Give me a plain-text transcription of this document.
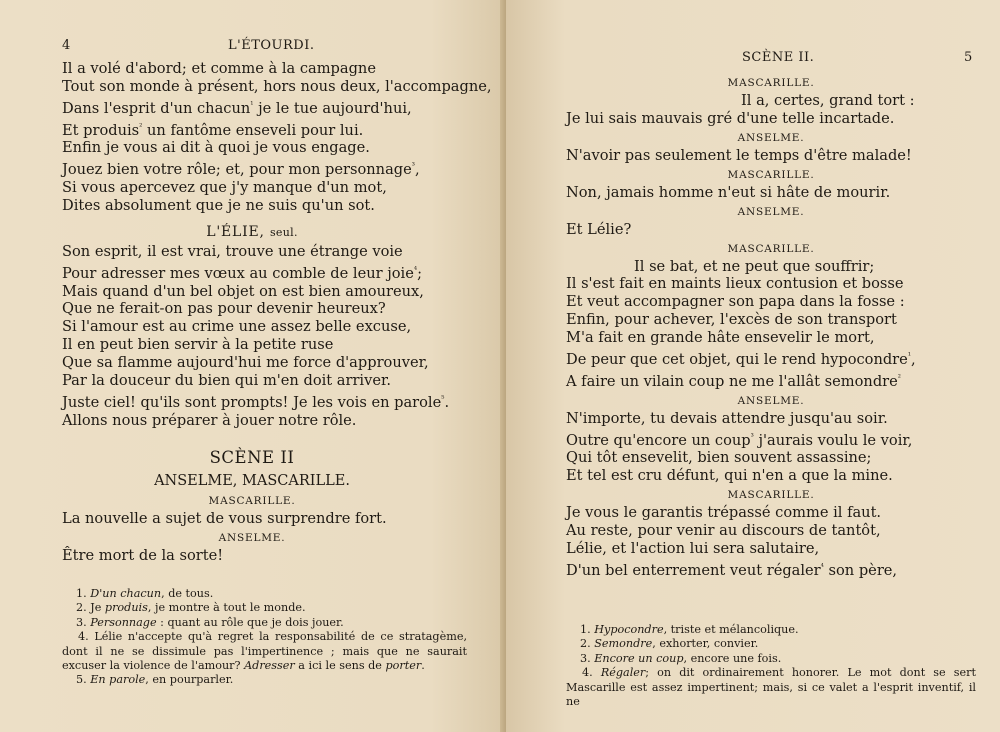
4	L'ÉTOURDI.

Il a volé d'abord; et comme à la campagne

Tout son monde à présent, hors nous deux, l'accompagne,

Dans l'esprit d'un chacun$^{^1}$ je le tue aujourd'hui,

Et produis$^{^2}$ un fantôme enseveli pour lui.

Enfin je vous ai dit à quoi je vous engage.

Jouez bien votre rôle; et, pour mon personnage$^{^3}$,

Si vous apercevez que j'y manque d'un mot,

Dites absolument que je ne suis qu'un sot.

L'ÉLIE, seul.

Son esprit, il est vrai, trouve une étrange voie

Pour adresser mes vœux au comble de leur joie$^{^4}$;

Mais quand d'un bel objet on est bien amoureux,

Que ne ferait-on pas pour devenir heureux?

Si l'amour est au crime une assez belle excuse,

Il en peut bien servir à la petite ruse

Que sa flamme aujourd'hui me force d'approuver,

Par la douceur du bien qui m'en doit arriver.

Juste ciel! qu'ils sont prompts! Je les vois en parole$^{^5}$.

Allons nous préparer à jouer notre rôle.

SCÈNE II
ANSELME, MASCARILLE.
MASCARILLE.

La nouvelle a sujet de vous surprendre fort.

ANSELME.

Être mort de la sorte!

1. D'un chacun, de tous.

2. Je produis, je montre à tout le monde.

3. Personnage : quant au rôle que je dois jouer.

4. Lélie n'accepte qu'à regret la responsabilité de ce stratagème, dont il ne se dissimule pas l'impertinence ; mais que ne saurait excuser la violence de l'amour? Adresser a ici le sens de porter.

5. En parole, en pourparler.

SCÈNE II.	5
MASCARILLE.

Il a, certes, grand tort :

Je lui sais mauvais gré d'une telle incartade.

ANSELME.

N'avoir pas seulement le temps d'être malade!

MASCARILLE.

Non, jamais homme n'eut si hâte de mourir.

ANSELME.

Et Lélie?

MASCARILLE.

Il se bat, et ne peut que souffrir;

Il s'est fait en maints lieux contusion et bosse

Et veut accompagner son papa dans la fosse :

Enfin, pour achever, l'excès de son transport

M'a fait en grande hâte ensevelir le mort,

De peur que cet objet, qui le rend hypocondre$^{^1}$,

A faire un vilain coup ne me l'allât semondre$^{^2}$

ANSELME.

N'importe, tu devais attendre jusqu'au soir.

Outre qu'encore un coup$^{^3}$ j'aurais voulu le voir,

Qui tôt ensevelit, bien souvent assassine;

Et tel est cru défunt, qui n'en a que la mine.

MASCARILLE.

Je vous le garantis trépassé comme il faut.

Au reste, pour venir au discours de tantôt,

Lélie, et l'action lui sera salutaire,

D'un bel enterrement veut régaler$^{^4}$ son père,

1. Hypocondre, triste et mélancolique.

2. Semondre, exhorter, convier.

3. Encore un coup, encore une fois.

4. Régaler; on dit ordinairement honorer. Le mot dont se sert Mascarille est assez impertinent; mais, si ce valet a l'esprit inventif, il ne
